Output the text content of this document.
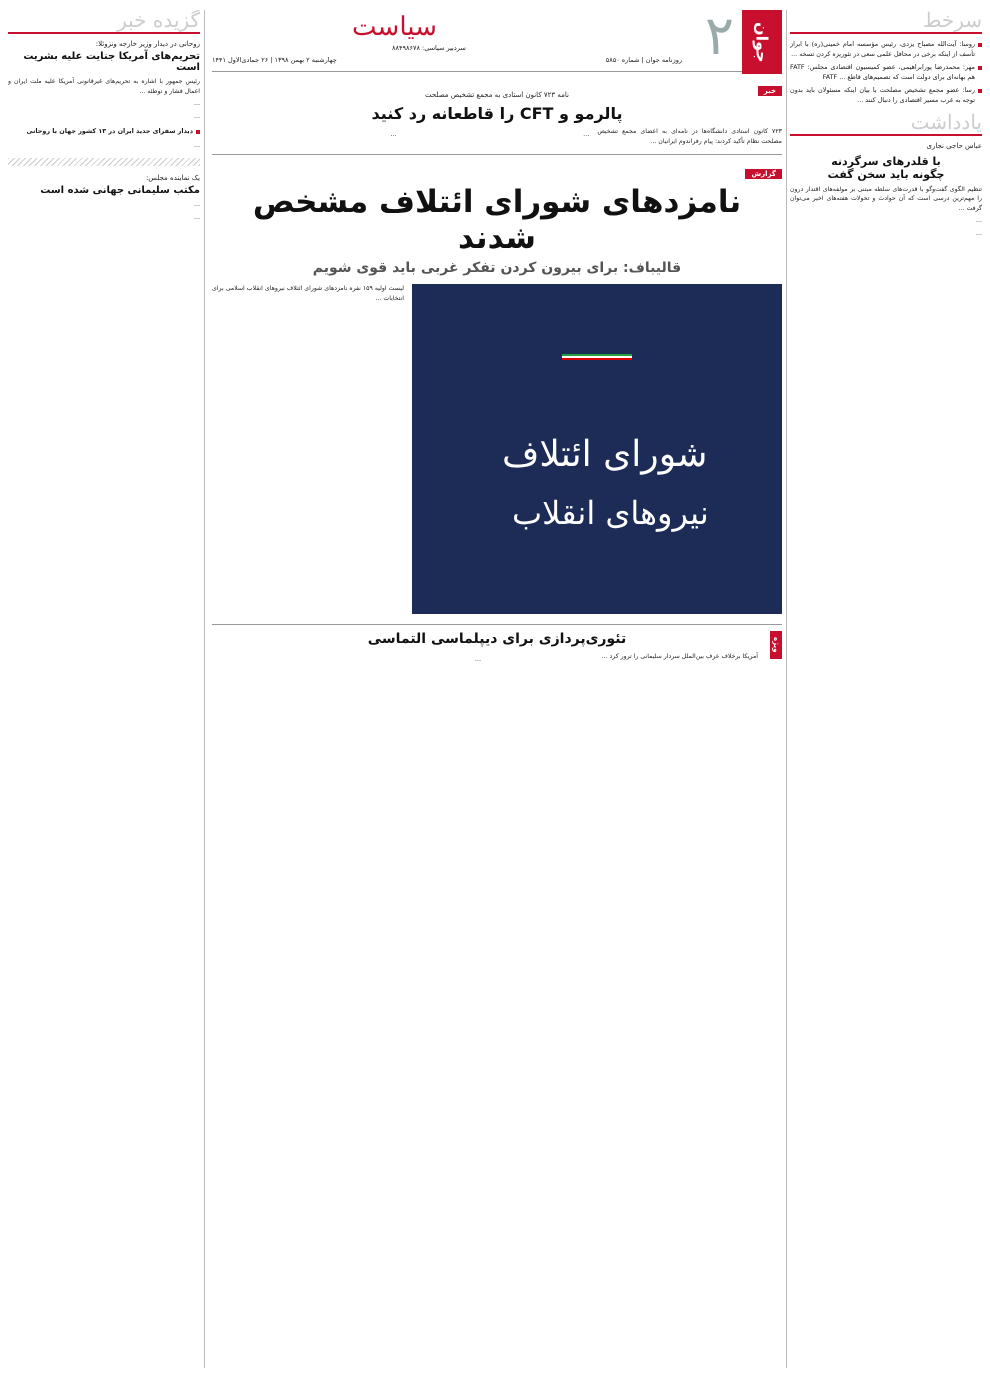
سرخط
روسا: آیت‌الله مصباح یزدی، رئیس مؤسسه امام خمینی(ره) با ابراز تأسف از اینکه برخی در محافل علمی سعی در تئوریزه کردن تسخه ...
مهر: محمدرضا پورابراهیمی، عضو کمیسیون اقتصادی مجلس: FATF هم بهانه‌ای برای دولت است که تصمیم‌های قاطع ... FATF
رسا: عضو مجمع تشخیص مصلحت با بیان اینکه مسئولان باید بدون توجه به غرب مسیر اقتصادی را دنبال کنند ...
یادداشت
عباس حاجی نجاری
با قلدرهای سرگردنه
چگونه باید سخن گفت
تنظیم الگوی گفت‌وگو با قدرت‌های سلطه مبتنی بر مولفه‌های اقتدار درون را مهم‌ترین درسی است که آن حوادث و تحولات هفته‌های اخیر می‌توان گرفت ...
…
…
جوان
۲
سیاست
سردبیر سیاسی: ۸۸۴۹۸۶۷۸
روزنامه جوان | شماره ۵۸۵۰
چهارشنبه ۲ بهمن ۱۳۹۸ | ۲۶ جمادی‌الاول ۱۴۴۱
خبر
نامه ۷۲۳ کانون استادی به مجمع تشخیص مصلحت
پالرمو و CFT را قاطعانه رد کنید
۷۲۳ کانون استادی دانشگاه‌ها در نامه‌ای به اعضای مجمع تشخیص مصلحت نظام تأکید کردند: پیام رفراندوم ایرانیان ...
…
…
گزارش
نامزدهای شورای ائتلاف مشخص شدند
قالیباف: برای بیرون کردن تفکر غربی باید قوی شویم
شورای ائتلاف
نیروهای انقلاب
لیست اولیه ۱۵۹ نفره نامزدهای شورای ائتلاف نیروهای انقلاب اسلامی برای انتخابات ...
ویژه
تئوری‌پردازی برای دیپلماسی التماسی
آمریکا برخلاف عرف بین‌الملل سردار سلیمانی را ترور کرد ...
…
گزیده خبر
روحانی در دیدار وزیر خارجه ونزوئلا:
تحریم‌های آمریکا جنایت علیه بشریت است
رئیس جمهور با اشاره به تحریم‌های غیرقانونی آمریکا علیه ملت ایران و اعمال فشار و توطئه ...
…
…
دیدار سفرای جدید ایران در ۱۳ کشور جهان با روحانی
…
یک نماینده مجلس:
مکتب سلیمانی جهانی شده است
…
…
